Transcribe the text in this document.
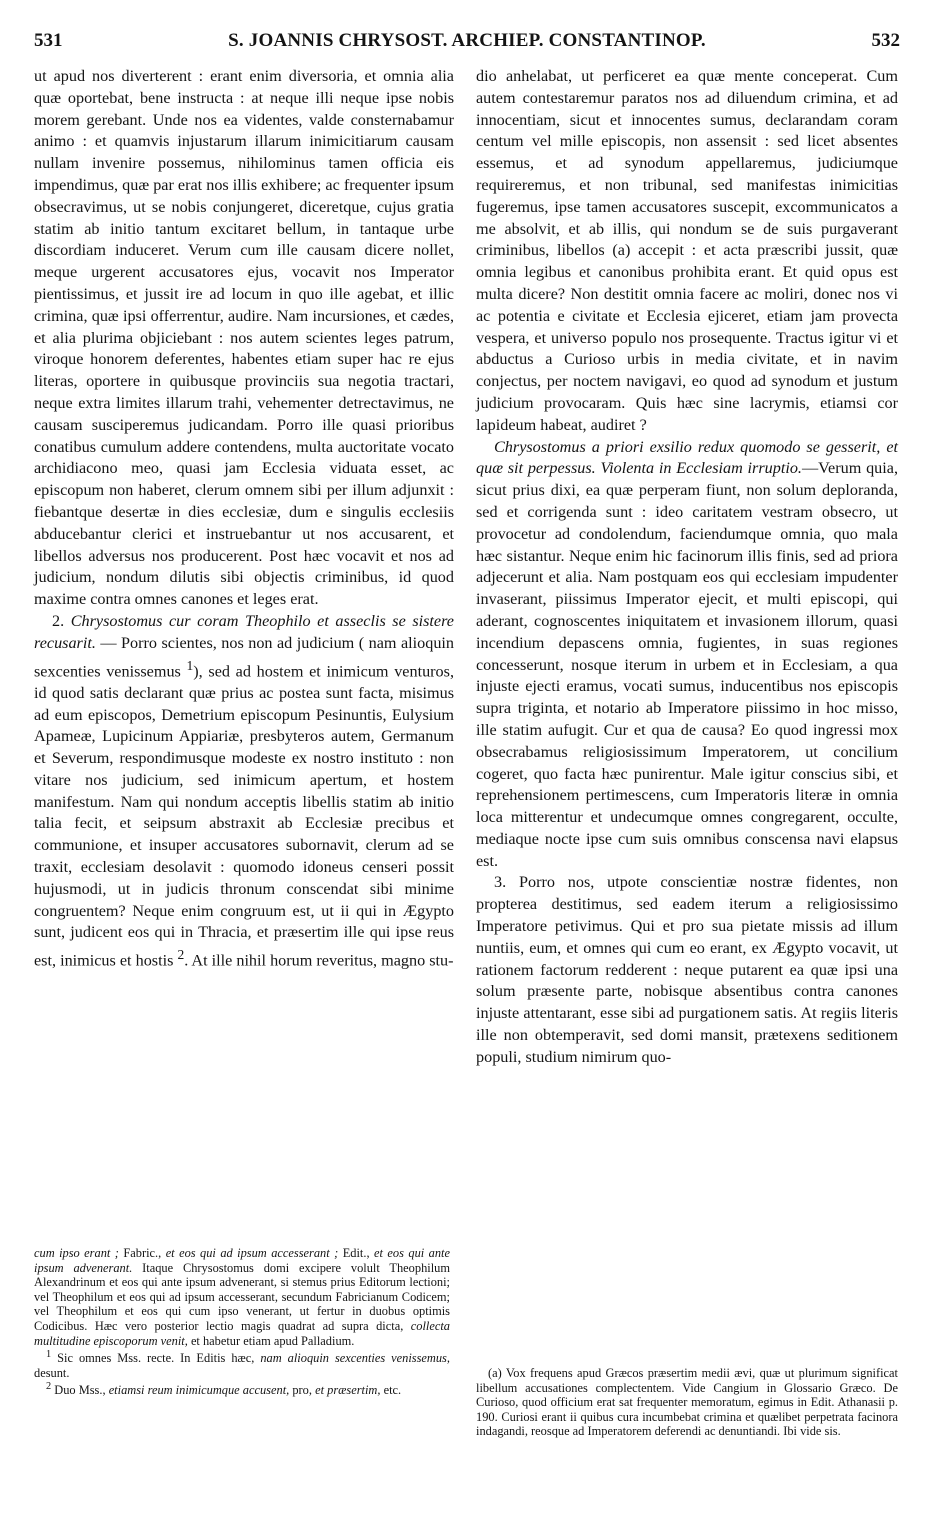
S. JOANNIS CHRYSOST. ARCHIEP. CONSTANTINOP.
531	532

ut apud nos diverterent : erant enim diversoria, et omnia alia quæ oportebat, bene instructa : at neque illi neque ipse nobis morem gerebant. Unde nos ea videntes, valde consternabamur animo : et quamvis injustarum illarum inimicitiarum causam nullam invenire possemus, nihilominus tamen officia eis impendimus, quæ par erat nos illis exhibere; ac frequenter ipsum obsecravimus, ut se nobis conjungeret, diceretque, cujus gratia statim ab initio tantum excitaret bellum, in tantaque urbe discordiam induceret. Verum cum ille causam dicere nollet, meque urgerent accusatores ejus, vocavit nos Imperator pientissimus, et jussit ire ad locum in quo ille agebat, et illic crimina, quæ ipsi offerrentur, audire. Nam incursiones, et cædes, et alia plurima objiciebant : nos autem scientes leges patrum, viroque honorem deferentes, habentes etiam super hac re ejus literas, oportere in quibusque provinciis sua negotia tractari, neque extra limites illarum trahi, vehementer detrectavimus, ne causam susciperemus judicandam. Porro ille quasi prioribus conatibus cumulum addere contendens, multa auctoritate vocato archidiacono meo, quasi jam Ecclesia viduata esset, ac episcopum non haberet, clerum omnem sibi per illum adjunxit : fiebantque desertæ in dies ecclesiæ, dum e singulis ecclesiis abducebantur clerici et instruebantur ut nos accusarent, et libellos adversus nos producerent. Post hæc vocavit et nos ad judicium, nondum dilutis sibi objectis criminibus, id quod maxime contra omnes canones et leges erat.

2. Chrysostomus cur coram Theophilo et asseclis se sistere recusarit. — Porro scientes, nos non ad judicium ( nam alioquin sexcenties venissemus $^1$), sed ad hostem et inimicum venturos, id quod satis declarant quæ prius ac postea sunt facta, misimus ad eum episcopos, Demetrium episcopum Pesinuntis, Eulysium Apameæ, Lupicinum Appiariæ, presbyteros autem, Germanum et Severum, respondimusque modeste ex nostro instituto : non vitare nos judicium, sed inimicum apertum, et hostem manifestum. Nam qui nondum acceptis libellis statim ab initio talia fecit, et seipsum abstraxit ab Ecclesiæ precibus et communione, et insuper accusatores subornavit, clerum ad se traxit, ecclesiam desolavit : quomodo idoneus censeri possit hujusmodi, ut in judicis thronum conscendat sibi minime congruentem? Neque enim congruum est, ut ii qui in Ægypto sunt, judicent eos qui in Thracia, et præsertim ille qui ipse reus est, inimicus et hostis $^2$. At ille nihil horum reveritus, magno stu-

dio anhelabat, ut perficeret ea quæ mente conceperat. Cum autem contestaremur paratos nos ad diluendum crimina, et ad innocentiam, sicut et innocentes sumus, declarandam coram centum vel mille episcopis, non assensit : sed licet absentes essemus, et ad synodum appellaremus, judiciumque requireremus, et non tribunal, sed manifestas inimicitias fugeremus, ipse tamen accusatores suscepit, excommunicatos a me absolvit, et ab illis, qui nondum se de suis purgaverant criminibus, libellos (a) accepit : et acta præscribi jussit, quæ omnia legibus et canonibus prohibita erant. Et quid opus est multa dicere? Non destitit omnia facere ac moliri, donec nos vi ac potentia e civitate et Ecclesia ejiceret, etiam jam provecta vespera, et universo populo nos prosequente. Tractus igitur vi et abductus a Curioso urbis in media civitate, et in navim conjectus, per noctem navigavi, eo quod ad synodum et justum judicium provocaram. Quis hæc sine lacrymis, etiamsi cor lapideum habeat, audiret ?

Chrysostomus a priori exsilio redux quomodo se gesserit, et quæ sit perpessus. Violenta in Ecclesiam irruptio.—Verum quia, sicut prius dixi, ea quæ perperam fiunt, non solum deploranda, sed et corrigenda sunt : ideo caritatem vestram obsecro, ut provocetur ad condolendum, faciendumque omnia, quo mala hæc sistantur. Neque enim hic facinorum illis finis, sed ad priora adjecerunt et alia. Nam postquam eos qui ecclesiam impudenter invaserant, piissimus Imperator ejecit, et multi episcopi, qui aderant, cognoscentes iniquitatem et invasionem illorum, quasi incendium depascens omnia, fugientes, in suas regiones concesserunt, nosque iterum in urbem et in Ecclesiam, a qua injuste ejecti eramus, vocati sumus, inducentibus nos episcopis supra triginta, et notario ab Imperatore piissimo in hoc misso, ille statim aufugit. Cur et qua de causa? Eo quod ingressi mox obsecrabamus religiosissimum Imperatorem, ut concilium cogeret, quo facta hæc punirentur. Male igitur conscius sibi, et reprehensionem pertimescens, cum Imperatoris literæ in omnia loca mitterentur et undecumque omnes congregarent, occulte, mediaque nocte ipse cum suis omnibus conscensa navi elapsus est.

3. Porro nos, utpote conscientiæ nostræ fidentes, non propterea destitimus, sed eadem iterum a religiosissimo Imperatore petivimus. Qui et pro sua pietate missis ad illum nuntiis, eum, et omnes qui cum eo erant, ex Ægypto vocavit, ut rationem factorum redderent : neque putarent ea quæ ipsi una solum præsente parte, nobisque absentibus contra canones injuste attentarant, esse sibi ad purgationem satis. At regiis literis ille non obtemperavit, sed domi mansit, prætexens seditionem populi, studium nimirum quo-

cum ipso erant ; Fabric., et eos qui ad ipsum accesserant ; Edit., et eos qui ante ipsum advenerant. Itaque Chrysostomus domi excipere volult Theophilum Alexandrinum et eos qui ante ipsum advenerant, si stemus prius Editorum lectioni; vel Theophilum et eos qui ad ipsum accesserant, secundum Fabricianum Codicem; vel Theophilum et eos qui cum ipso venerant, ut fertur in duobus optimis Codicibus. Hæc vero posterior lectio magis quadrat ad supra dicta, collecta multitudine episcoporum venit, et habetur etiam apud Palladium.

$^1$ Sic omnes Mss. recte. In Editis hæc, nam alioquin sexcenties venissemus, desunt.

$^2$ Duo Mss., etiamsi reum inimicumque accusent, pro, et præsertim, etc.

(a) Vox frequens apud Græcos præsertim medii ævi, quæ ut plurimum significat libellum accusationes complectentem. Vide Cangium in Glossario Græco. De Curioso, quod officium erat sat frequenter memoratum, egimus in Edit. Athanasii p. 190. Curiosi erant ii quibus cura incumbebat crimina et quælibet perpetrata facinora indagandi, reosque ad Imperatorem deferendi ac denuntiandi. Ibi vide sis.
